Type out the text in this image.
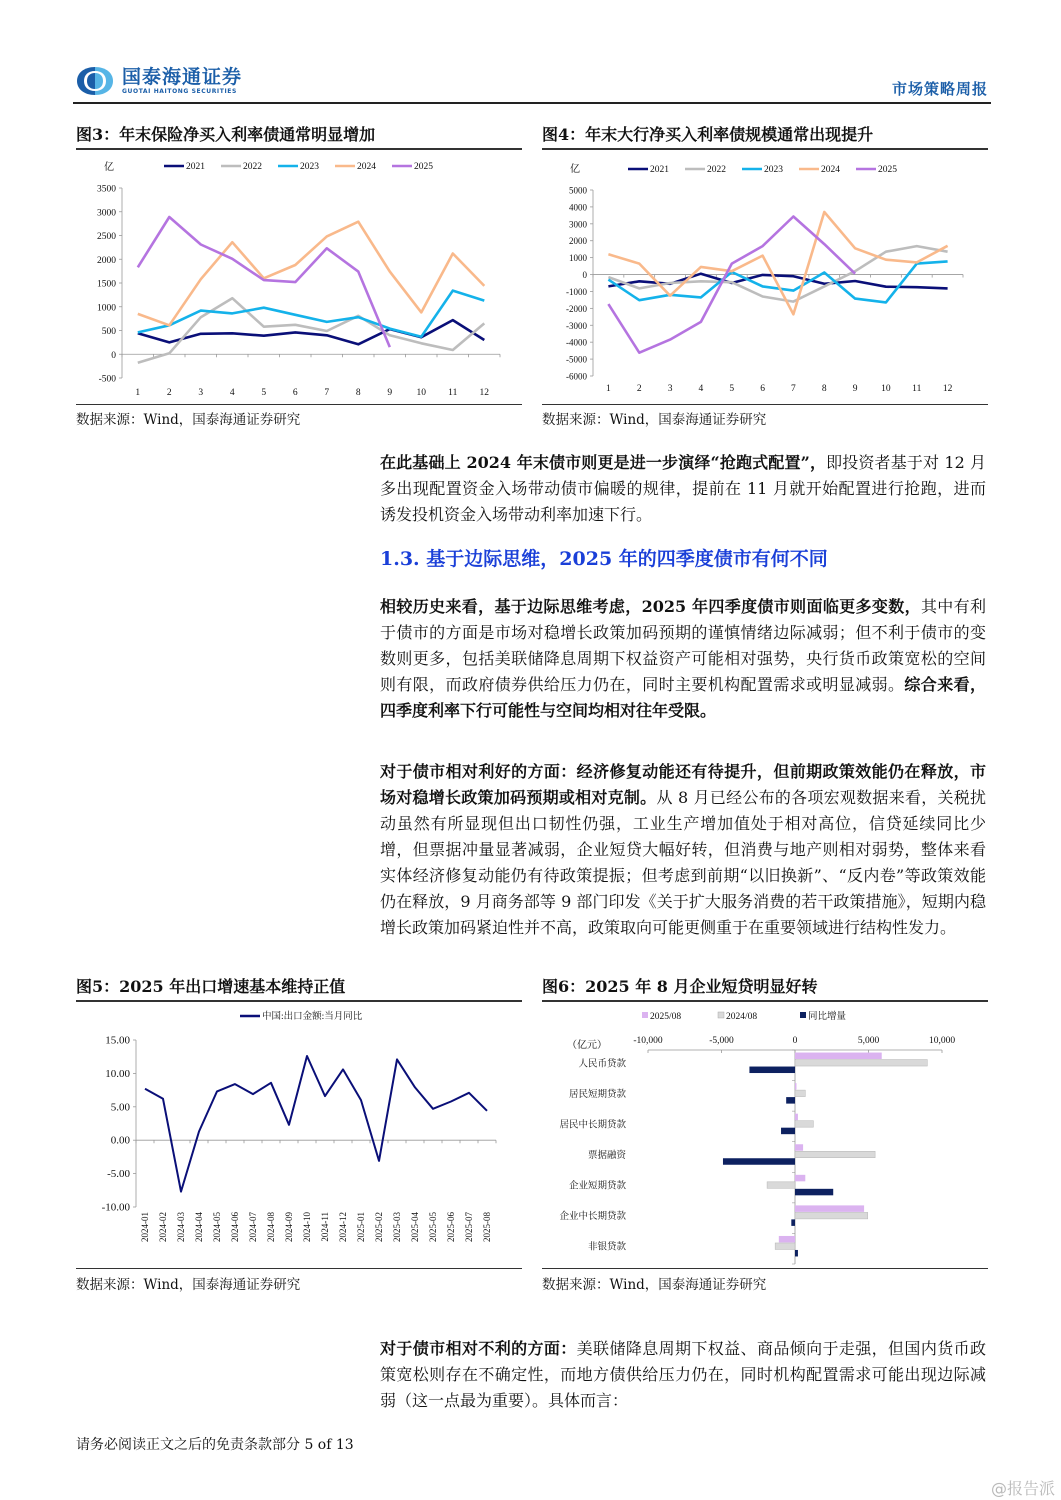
国泰海通证券
GUOTAI HAITONG SECURITIES	市场策略周报
图3：年末保险净买入利率债通常明显增加
亿	2021	2022	2023	2024	2025
-500
0
500
1000
1500
2000
2500
3000
3500
1	2	3	4	5	6	7	8	9	10 11 12
数据来源：Wind，国泰海通证券研究
图4：年末大行净买入利率债规模通常出现提升
亿	2021	2022	2023	2024	2025
-6000
-5000
-4000
-3000
-2000
-1000
0
1000
2000
3000
4000
5000
1	2	3	4	5	6	7	8	9 10 11 12
数据来源：Wind，国泰海通证券研究
在此基础上 2024 年末债市则更是进一步演绎“抢跑式配置”，即投资者基于对 12 月多出现配置资金入场带动债市偏暖的规律，提前在 11 月就开始配置进行抢跑，进而诱发投机资金入场带动利率加速下行。
1.3. 基于边际思维，2025 年的四季度债市有何不同
相较历史来看，基于边际思维考虑，2025 年四季度债市则面临更多变数，其中有利于债市的方面是市场对稳增长政策加码预期的谨慎情绪边际减弱；但不利于债市的变数则更多，包括美联储降息周期下权益资产可能相对强势，央行货币政策宽松的空间则有限，而政府债券供给压力仍在，同时主要机构配置需求或明显减弱。综合来看，四季度利率下行可能性与空间均相对往年受限。
对于债市相对利好的方面：经济修复动能还有待提升，但前期政策效能仍在释放，市场对稳增长政策加码预期或相对克制。从 8 月已经公布的各项宏观数据来看，关税扰动虽然有所显现但出口韧性仍强，工业生产增加值处于相对高位，信贷延续同比少增，但票据冲量显著减弱，企业短贷大幅好转，但消费与地产则相对弱势，整体来看实体经济修复动能仍有待政策提振；但考虑到前期“以旧换新”、“反内卷”等政策效能仍在释放，9 月商务部等 9 部门印发《关于扩大服务消费的若干政策措施》，短期内稳增长政策加码紧迫性并不高，政策取向可能更侧重于在重要领域进行结构性发力。
图5：2025 年出口增速基本维持正值
中国:出口金额:当月同比
-10.00
-5.00
0.00
5.00
10.00
15.00
2024-01 2024-02 2024-03 2024-04 2024-05 2024-06 2024-07 2024-08 2024-09 2024-10 2024-11 2024-12 2025-01 2025-02 2025-03 2025-04 2025-05 2025-06 2025-07 2025-08
数据来源：Wind，国泰海通证券研究
图6：2025 年 8 月企业短贷明显好转
2025/08	2024/08	同比增量
（亿元）	-10,000	-5,000	0	5,000	10,000
人民币贷款
居民短期贷款
居民中长期贷款
票据融资
企业短期贷款
企业中长期贷款
非银贷款
数据来源：Wind，国泰海通证券研究
对于债市相对不利的方面：美联储降息周期下权益、商品倾向于走强，但国内货币政策宽松则存在不确定性，而地方债供给压力仍在，同时机构配置需求可能出现边际减弱（这一点最为重要）。具体而言：
请务必阅读正文之后的免责条款部分 5 of 13
@报告派
